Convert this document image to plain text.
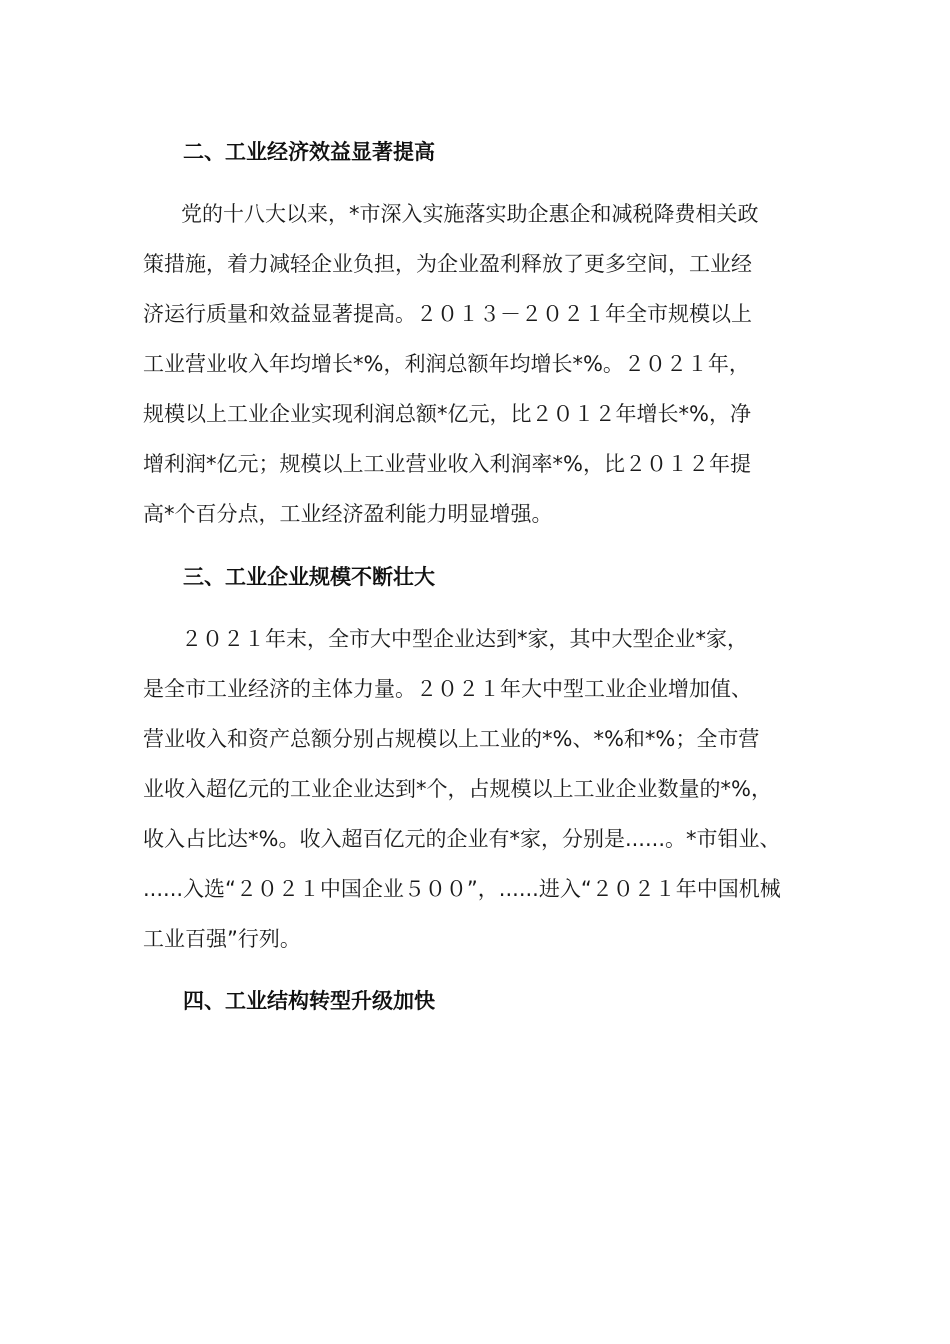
二、工业经济效益显著提高
党的十八大以来，*市深入实施落实助企惠企和减税降费相关政
策措施，着力减轻企业负担，为企业盈利释放了更多空间，工业经
济运行质量和效益显著提高。２０１３－２０２１年全市规模以上
工业营业收入年均增长*%，利润总额年均增长*%。２０２１年，
规模以上工业企业实现利润总额*亿元，比２０１２年增长*%，净
增利润*亿元；规模以上工业营业收入利润率*%，比２０１２年提
高*个百分点，工业经济盈利能力明显增强。
三、工业企业规模不断壮大
２０２１年末，全市大中型企业达到*家，其中大型企业*家，
是全市工业经济的主体力量。２０２１年大中型工业企业增加值、
营业收入和资产总额分别占规模以上工业的*%、*%和*%；全市营
业收入超亿元的工业企业达到*个，占规模以上工业企业数量的*%，
收入占比达*%。收入超百亿元的企业有*家，分别是......。*市钼业、
......入选“２０２１中国企业５００”，......进入“２０２１年中国机械
工业百强”行列。
四、工业结构转型升级加快
